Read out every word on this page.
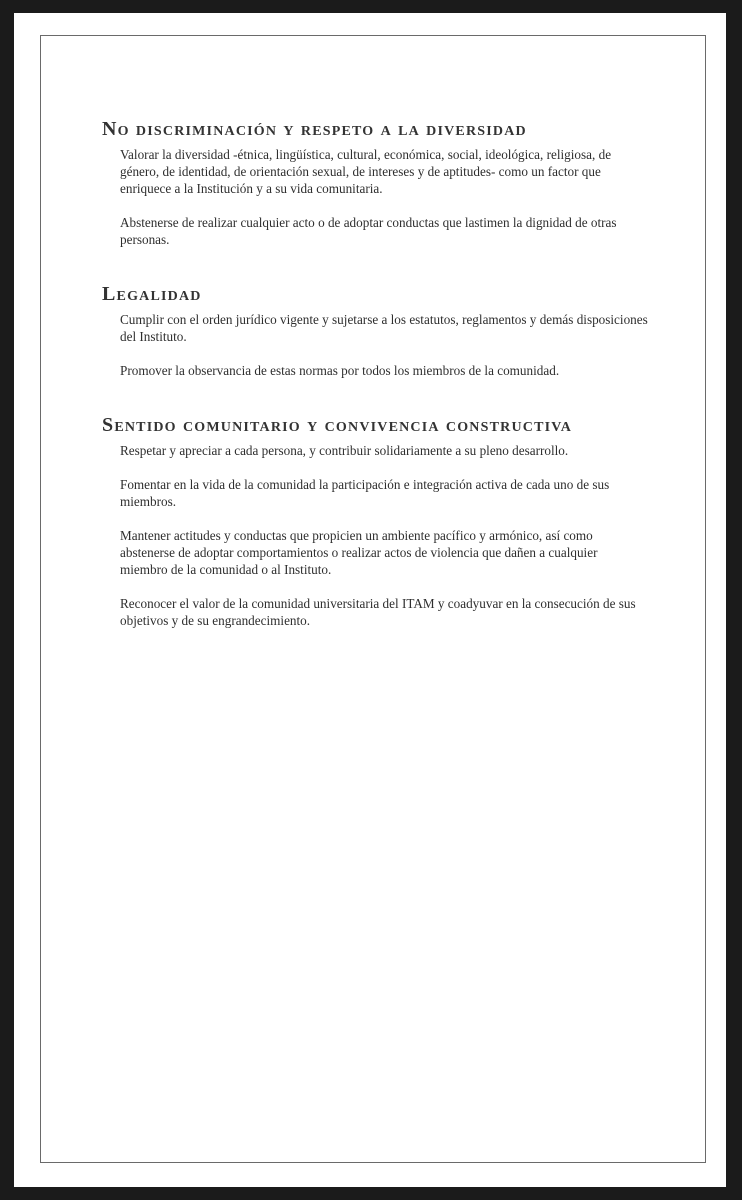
No discriminación y respeto a la diversidad

Valorar la diversidad -étnica, lingüística, cultural, económica, social, ideológica, religiosa, de género, de identidad, de orientación sexual, de intereses y de aptitudes- como un factor que enriquece a la Institución y a su vida comunitaria.

Abstenerse de realizar cualquier acto o de adoptar conductas que lastimen la dignidad de otras personas.

Legalidad

Cumplir con el orden jurídico vigente y sujetarse a los estatutos, reglamentos y demás disposiciones del Instituto.

Promover la observancia de estas normas por todos los miembros de la comunidad.

Sentido comunitario y convivencia constructiva

Respetar y apreciar a cada persona, y contribuir solidariamente a su pleno desarrollo.

Fomentar en la vida de la comunidad la participación e integración activa de cada uno de sus miembros.

Mantener actitudes y conductas que propicien un ambiente pacífico y armónico, así como abstenerse de adoptar comportamientos o realizar actos de violencia que dañen a cualquier miembro de la comunidad o al Instituto.

Reconocer el valor de la comunidad universitaria del ITAM y coadyuvar en la consecución de sus objetivos y de su engrandecimiento.
